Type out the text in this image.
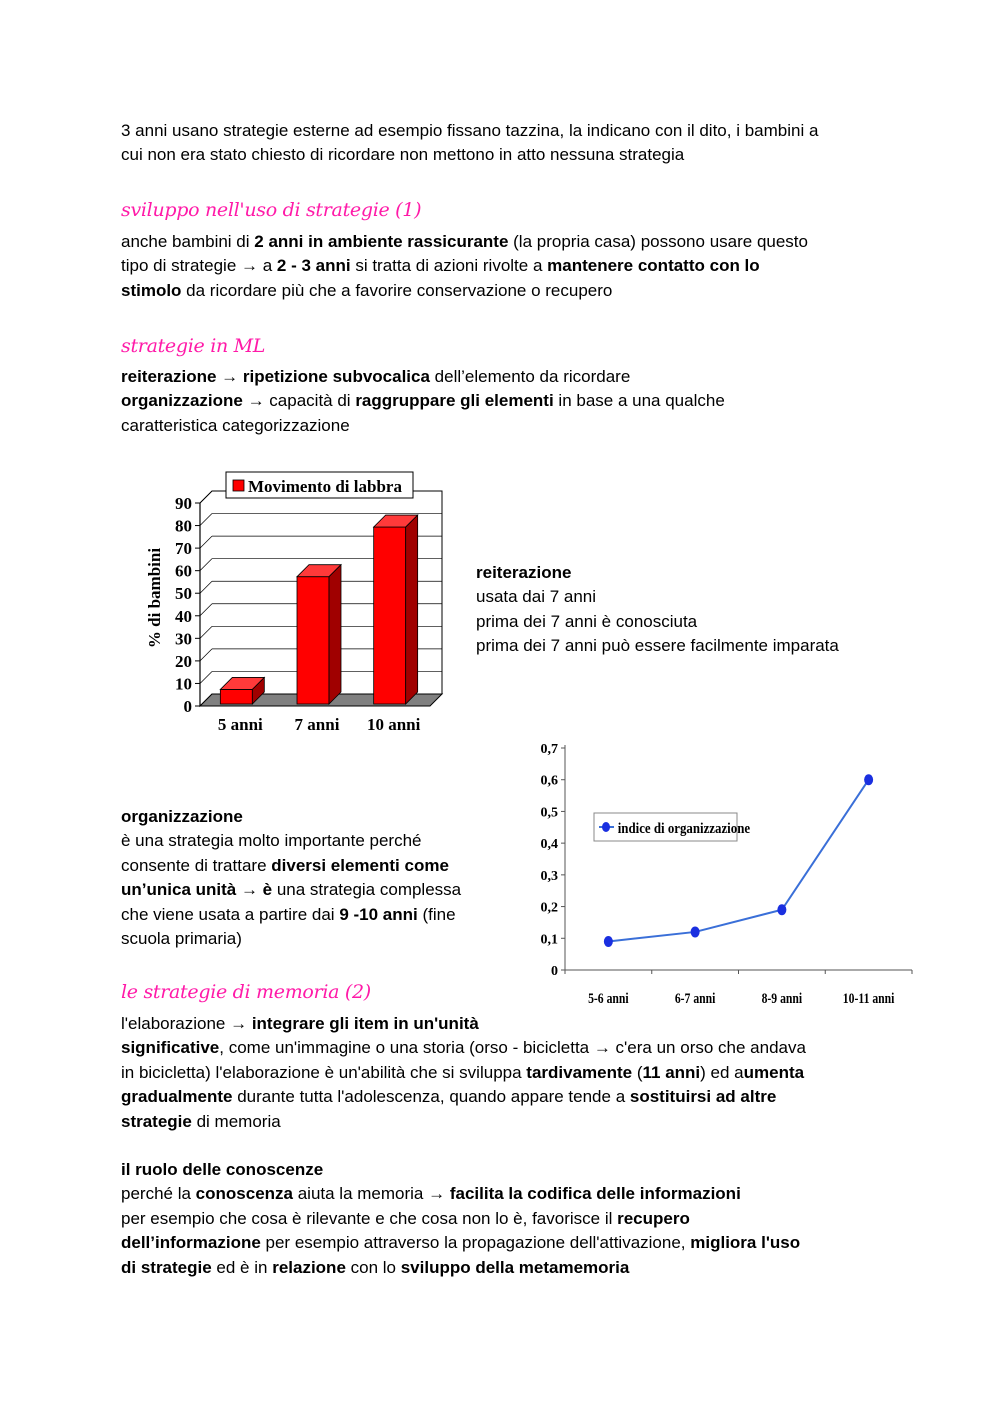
3 anni usano strategie esterne ad esempio fissano tazzina, la indicano con il dito, i bambini a
cui non era stato chiesto di ricordare non mettono in atto nessuna strategia
sviluppo nell'uso di strategie (1)
anche bambini di 2 anni in ambiente rassicurante (la propria casa) possono usare questo
tipo di strategie → a 2 - 3 anni si tratta di azioni rivolte a mantenere contatto con lo
stimolo da ricordare più che a favorire conservazione o recupero
strategie in ML
reiterazione → ripetizione subvocalica dell’elemento da ricordare
organizzazione → capacità di raggruppare gli elementi in base a una qualche
caratteristica categorizzazione
0
10
20
30
40
50
60
70
80
90
5 anni 7 anni 10 anni
% di bambini
Movimento di labbra
reiterazione
usata dai 7 anni
prima dei 7 anni è conosciuta
prima dei 7 anni può essere facilmente imparata
0
0,1
0,2
0,3
0,4
0,5
0,6
0,7
5-6 anni	6-7 anni	8-9 anni	10-11 anni
indice di organizzazione
organizzazione
è una strategia molto importante perché
consente di trattare diversi elementi come
un’unica unità → è una strategia complessa
che viene usata a partire dai 9 -10 anni (fine
scuola primaria)
le strategie di memoria (2)
l'elaborazione → integrare gli item in un'unità
significative, come un'immagine o una storia (orso - bicicletta → c'era un orso che andava
in bicicletta) l'elaborazione è un'abilità che si sviluppa tardivamente (11 anni) ed aumenta
gradualmente durante tutta l'adolescenza, quando appare tende a sostituirsi ad altre
strategie di memoria
il ruolo delle conoscenze
perché la conoscenza aiuta la memoria → facilita la codifica delle informazioni
per esempio che cosa è rilevante e che cosa non lo è, favorisce il recupero
dell’informazione per esempio attraverso la propagazione dell'attivazione, migliora l'uso
di strategie ed è in relazione con lo sviluppo della metamemoria
